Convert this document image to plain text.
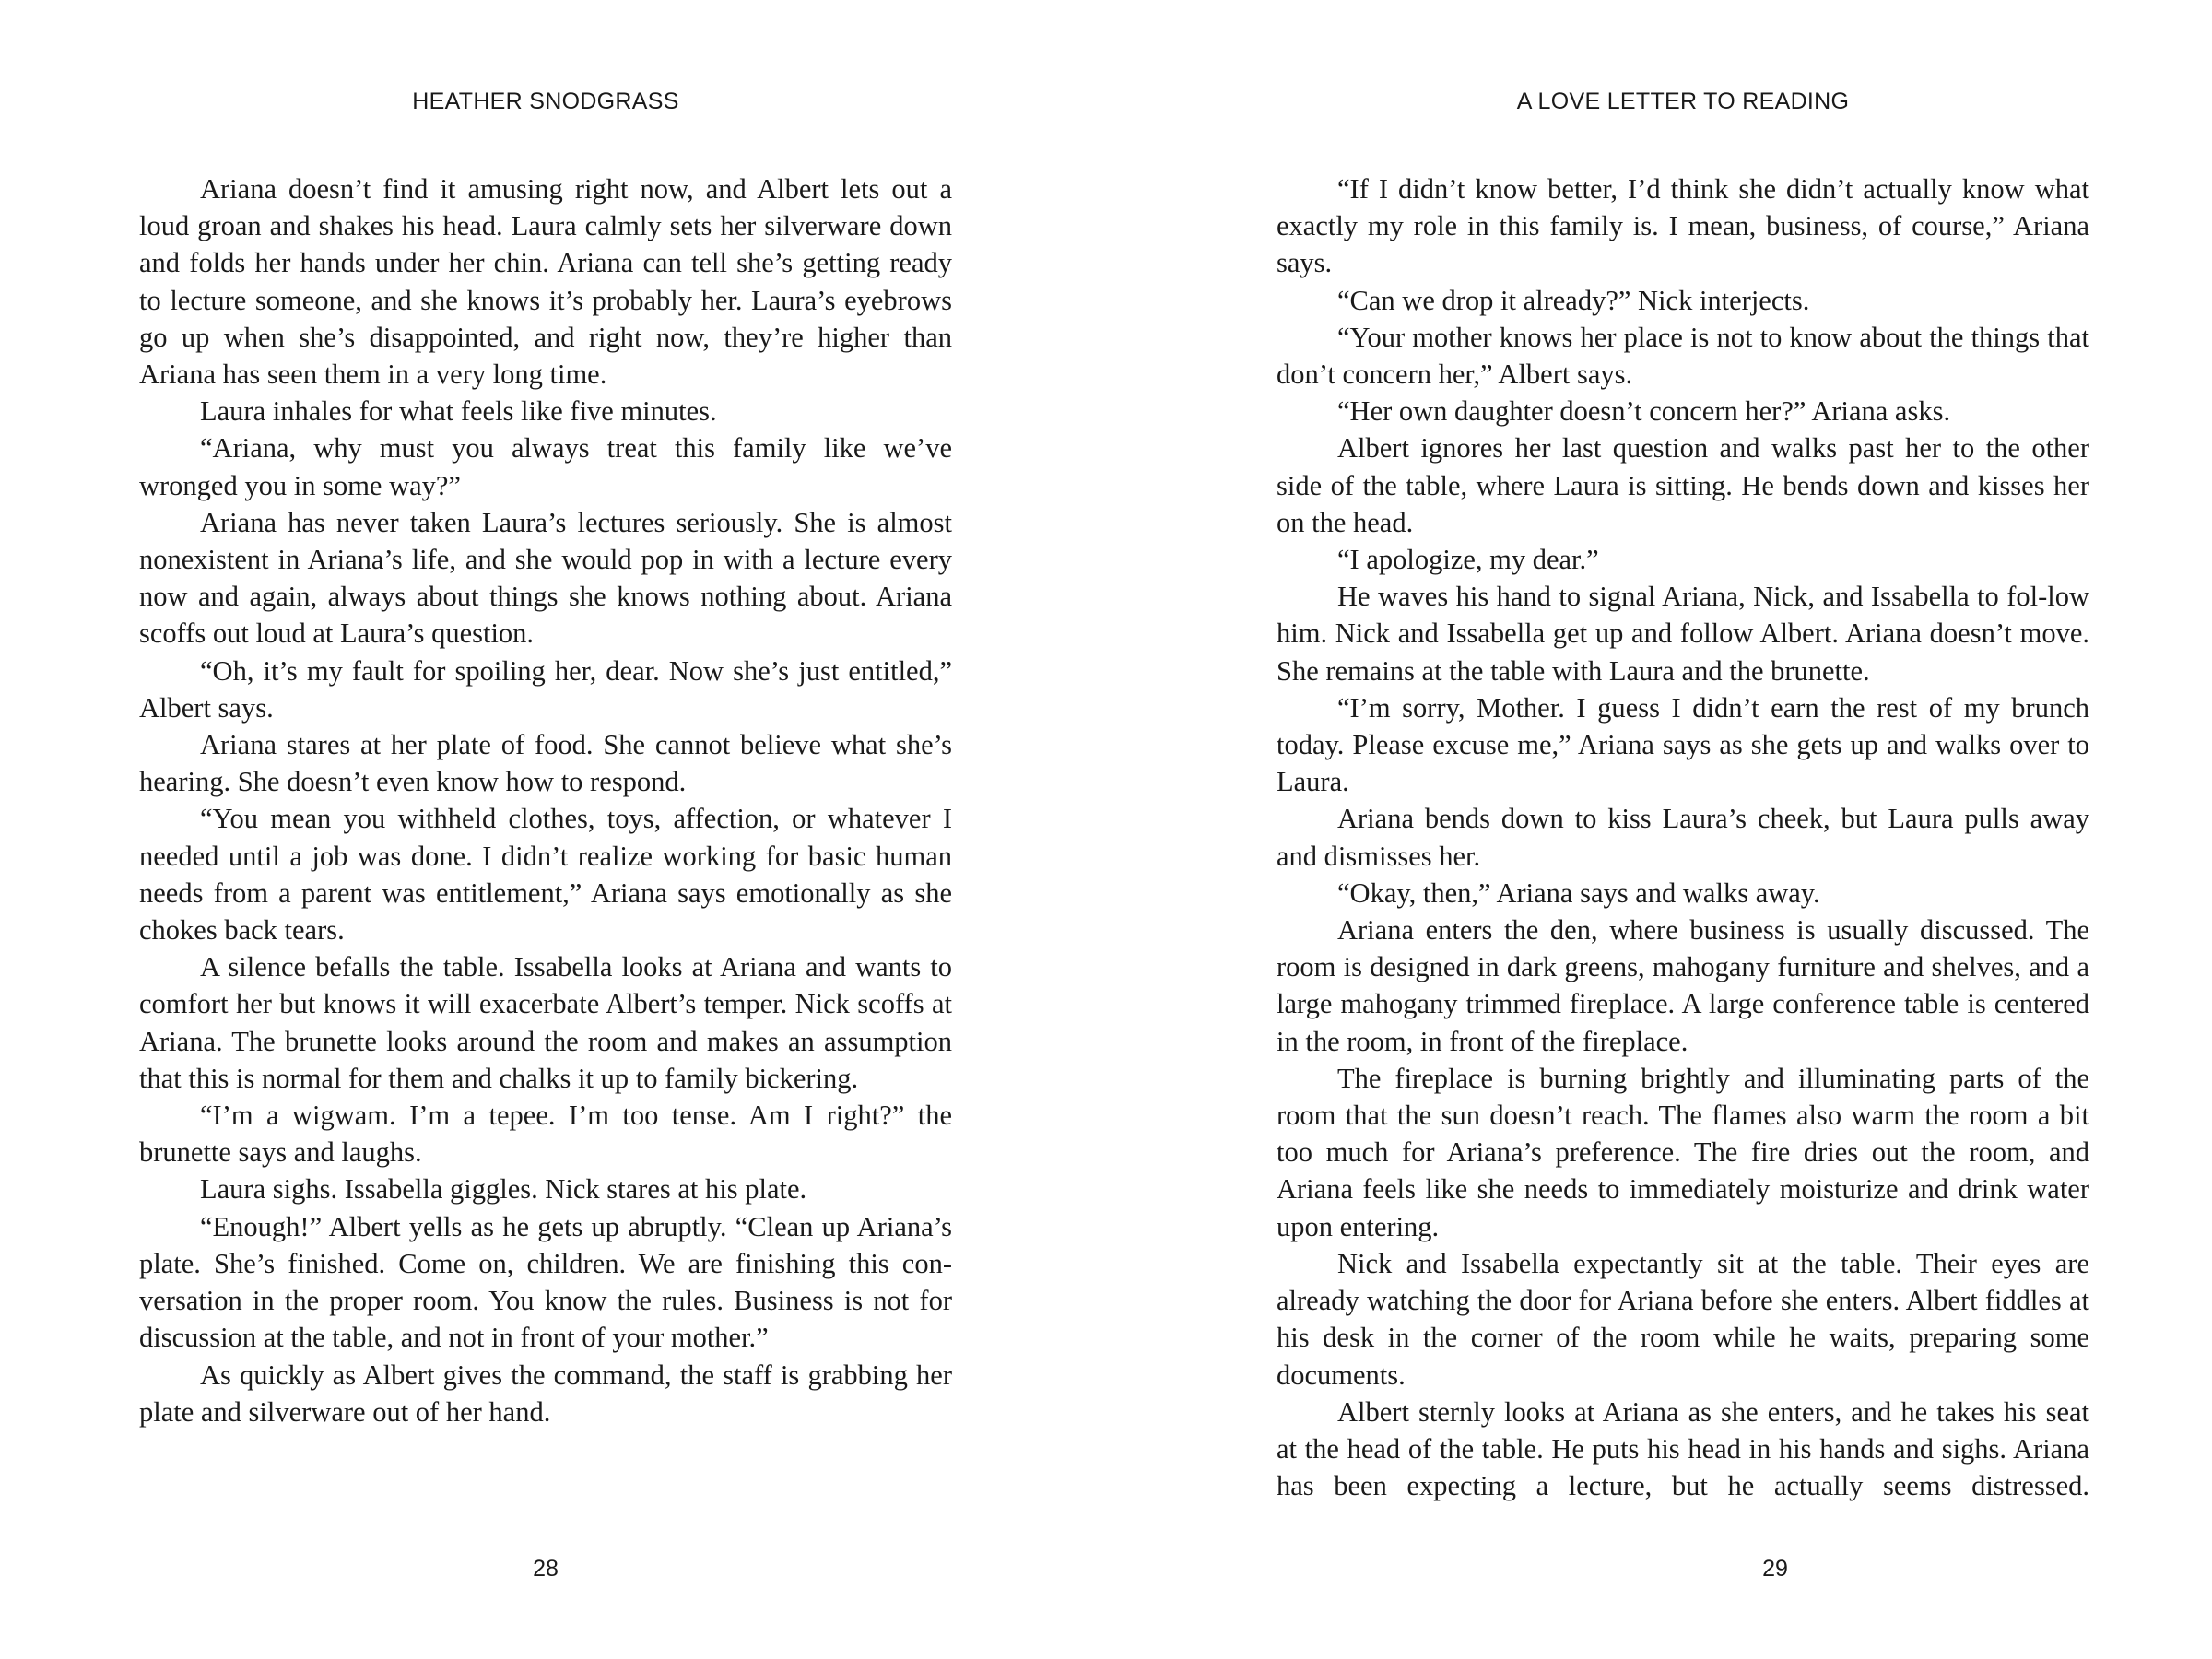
HEATHER SNODGRASS

Ariana doesn’t find it amusing right now, and Albert lets out a loud groan and shakes his head. Laura calmly sets her silverware down and folds her hands under her chin. Ariana can tell she’s getting ready to lecture someone, and she knows it’s probably her. Laura’s eyebrows go up when she’s disappointed, and right now, they’re higher than Ariana has seen them in a very long time.

Laura inhales for what feels like five minutes.

“Ariana, why must you always treat this family like we’ve wronged you in some way?”

Ariana has never taken Laura’s lectures seriously. She is almost nonexistent in Ariana’s life, and she would pop in with a lecture every now and again, always about things she knows nothing about. Ariana scoffs out loud at Laura’s question.

“Oh, it’s my fault for spoiling her, dear. Now she’s just entitled,” Albert says.

Ariana stares at her plate of food. She cannot believe what she’s hearing. She doesn’t even know how to respond.

“You mean you withheld clothes, toys, affection, or whatever I needed until a job was done. I didn’t realize working for basic human needs from a parent was entitlement,” Ariana says emotionally as she chokes back tears.

A silence befalls the table. Issabella looks at Ariana and wants to comfort her but knows it will exacerbate Albert’s temper. Nick scoffs at Ariana. The brunette looks around the room and makes an assumption that this is normal for them and chalks it up to family bickering.

“I’m a wigwam. I’m a tepee. I’m too tense. Am I right?” the brunette says and laughs.

Laura sighs. Issabella giggles. Nick stares at his plate.

“Enough!” Albert yells as he gets up abruptly. “Clean up Ariana’s plate. She’s finished. Come on, children. We are finishing this con-versation in the proper room. You know the rules. Business is not for discussion at the table, and not in front of your mother.”

As quickly as Albert gives the command, the staff is grabbing her plate and silverware out of her hand.

28

A LOVE LETTER TO READING

“If I didn’t know better, I’d think she didn’t actually know what exactly my role in this family is. I mean, business, of course,” Ariana says.

“Can we drop it already?” Nick interjects.

“Your mother knows her place is not to know about the things that don’t concern her,” Albert says.

“Her own daughter doesn’t concern her?” Ariana asks.

Albert ignores her last question and walks past her to the other side of the table, where Laura is sitting. He bends down and kisses her on the head.

“I apologize, my dear.”

He waves his hand to signal Ariana, Nick, and Issabella to fol-low him. Nick and Issabella get up and follow Albert. Ariana doesn’t move. She remains at the table with Laura and the brunette.

“I’m sorry, Mother. I guess I didn’t earn the rest of my brunch today. Please excuse me,” Ariana says as she gets up and walks over to Laura.

Ariana bends down to kiss Laura’s cheek, but Laura pulls away and dismisses her.

“Okay, then,” Ariana says and walks away.

Ariana enters the den, where business is usually discussed. The room is designed in dark greens, mahogany furniture and shelves, and a large mahogany trimmed fireplace. A large conference table is centered in the room, in front of the fireplace.

The fireplace is burning brightly and illuminating parts of the room that the sun doesn’t reach. The flames also warm the room a bit too much for Ariana’s preference. The fire dries out the room, and Ariana feels like she needs to immediately moisturize and drink water upon entering.

Nick and Issabella expectantly sit at the table. Their eyes are already watching the door for Ariana before she enters. Albert fiddles at his desk in the corner of the room while he waits, preparing some documents.

Albert sternly looks at Ariana as she enters, and he takes his seat at the head of the table. He puts his head in his hands and sighs. Ariana has been expecting a lecture, but he actually seems distressed.

29
